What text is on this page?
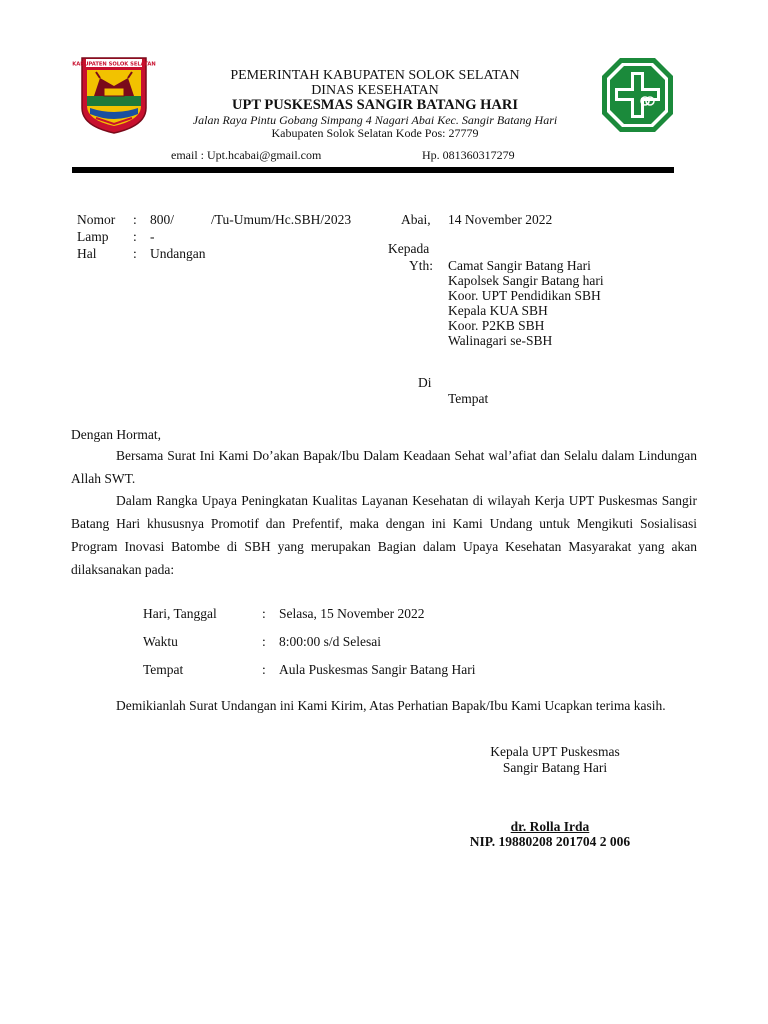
KABUPATEN SOLOK SELATAN
PEMERINTAH KABUPATEN SOLOK SELATAN
DINAS KESEHATAN
UPT PUSKESMAS SANGIR BATANG HARI
Jalan Raya Pintu Gobang Simpang 4 Nagari Abai Kec. Sangir Batang Hari
Kabupaten Solok Selatan Kode Pos: 27779
email : Upt.hcabai@gmail.com	Hp. 081360317279
Nomor : 800/	/Tu-Umum/Hc.SBH/2023
Lamp : -
Hal	: Undangan
Abai, 14 November 2022
Kepada
Yth: Camat Sangir Batang Hari
Kapolsek Sangir Batang hari
Koor. UPT Pendidikan SBH
Kepala KUA SBH
Koor. P2KB SBH
Walinagari se-SBH
Di
Tempat
Dengan Hormat,
Bersama Surat Ini Kami Do’akan Bapak/Ibu Dalam Keadaan Sehat wal’afiat dan Selalu dalam Lindungan Allah SWT.
Dalam Rangka Upaya Peningkatan Kualitas Layanan Kesehatan di wilayah Kerja UPT Puskesmas Sangir Batang Hari khususnya Promotif dan Prefentif, maka dengan ini Kami Undang untuk Mengikuti Sosialisasi Program Inovasi Batombe di SBH yang merupakan Bagian dalam Upaya Kesehatan Masyarakat yang akan dilaksanakan pada:
Hari, Tanggal	: Selasa, 15 November 2022
Waktu	: 8:00:00 s/d Selesai
Tempat	: Aula Puskesmas Sangir Batang Hari
Demikianlah Surat Undangan ini Kami Kirim, Atas Perhatian Bapak/Ibu Kami Ucapkan terima kasih.
Kepala UPT Puskesmas
Sangir Batang Hari
dr. Rolla Irda
NIP. 19880208 201704 2 006
